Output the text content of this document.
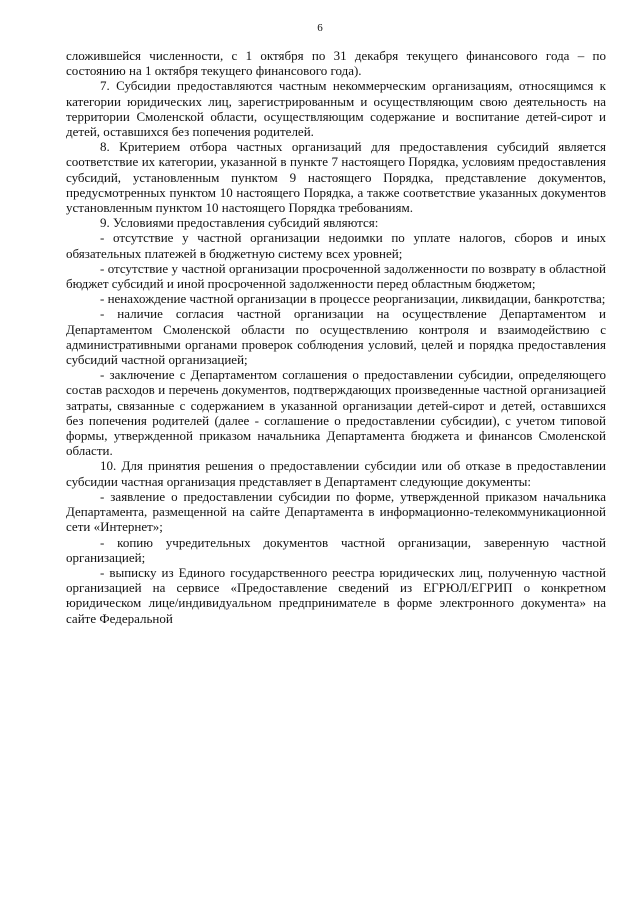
6

сложившейся численности, с 1 октября по 31 декабря текущего финансового года – по состоянию на 1 октября текущего финансового года).

7. Субсидии предоставляются частным некоммерческим организациям, относящимся к категории юридических лиц, зарегистрированным и осуществляющим свою деятельность на территории Смоленской области, осуществляющим содержание и воспитание детей-сирот и детей, оставшихся без попечения родителей.

8. Критерием отбора частных организаций для предоставления субсидий является соответствие их категории, указанной в пункте 7 настоящего Порядка, условиям предоставления субсидий, установленным пунктом 9 настоящего Порядка, представление документов, предусмотренных пунктом 10 настоящего Порядка, а также соответствие указанных документов установленным пунктом 10 настоящего Порядка требованиям.

9. Условиями предоставления субсидий являются:

- отсутствие у частной организации недоимки по уплате налогов, сборов и иных обязательных платежей в бюджетную систему всех уровней;

- отсутствие у частной организации просроченной задолженности по возврату в областной бюджет субсидий и иной просроченной задолженности перед областным бюджетом;

- ненахождение частной организации в процессе реорганизации, ликвидации, банкротства;

- наличие согласия частной организации на осуществление Департаментом и Департаментом Смоленской области по осуществлению контроля и взаимодействию с административными органами проверок соблюдения условий, целей и порядка предоставления субсидий частной организацией;

- заключение с Департаментом соглашения о предоставлении субсидии, определяющего состав расходов и перечень документов, подтверждающих произведенные частной организацией затраты, связанные с содержанием в указанной организации детей-сирот и детей, оставшихся без попечения родителей (далее - соглашение о предоставлении субсидии), с учетом типовой формы, утвержденной приказом начальника Департамента бюджета и финансов Смоленской области.

10. Для принятия решения о предоставлении субсидии или об отказе в предоставлении субсидии частная организация представляет в Департамент следующие документы:

- заявление о предоставлении субсидии по форме, утвержденной приказом начальника Департамента, размещенной на сайте Департамента в информационно-телекоммуникационной сети «Интернет»;

- копию учредительных документов частной организации, заверенную частной организацией;

- выписку из Единого государственного реестра юридических лиц, полученную частной организацией на сервисе «Предоставление сведений из ЕГРЮЛ/ЕГРИП о конкретном юридическом лице/индивидуальном предпринимателе в форме электронного документа» на сайте Федеральной
